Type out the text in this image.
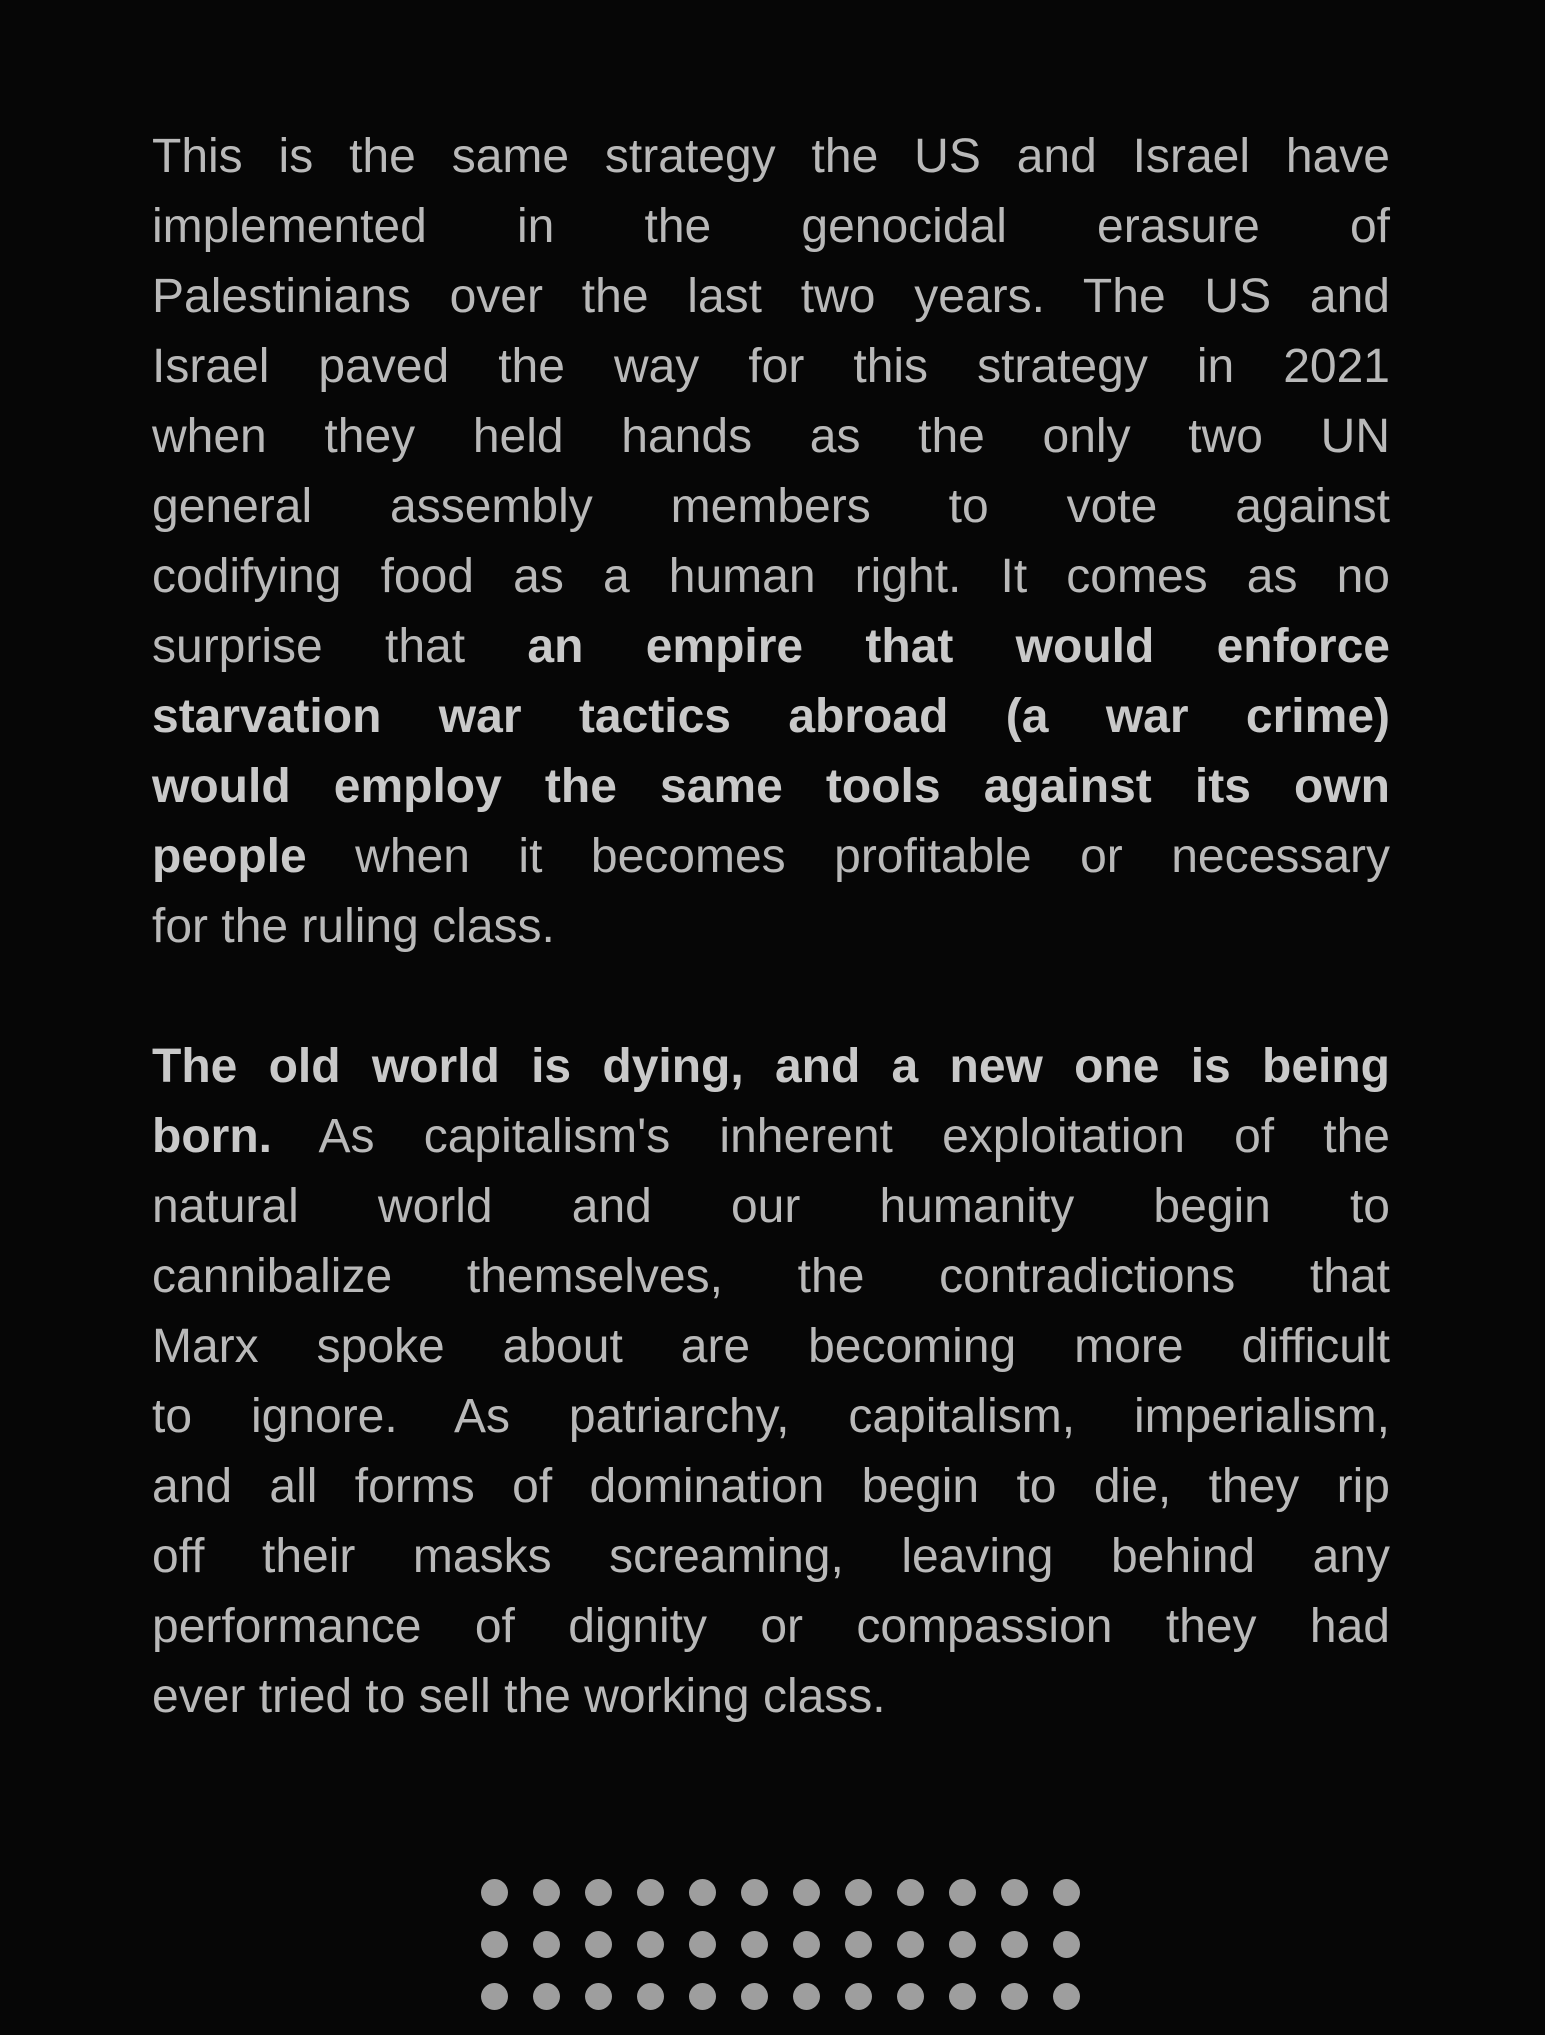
This is the same strategy the US and Israel have
implemented in the genocidal erasure of
Palestinians over the last two years. The US and
Israel paved the way for this strategy in 2021
when they held hands as the only two UN
general assembly members to vote against
codifying food as a human right. It comes as no
surprise that an empire that would enforce
starvation war tactics abroad (a war crime)
would employ the same tools against its own
people when it becomes profitable or necessary
for the ruling class.
The old world is dying, and a new one is being
born. As capitalism's inherent exploitation of the
natural world and our humanity begin to
cannibalize themselves, the contradictions that
Marx spoke about are becoming more difficult
to ignore. As patriarchy, capitalism, imperialism,
and all forms of domination begin to die, they rip
off their masks screaming, leaving behind any
performance of dignity or compassion they had
ever tried to sell the working class.
